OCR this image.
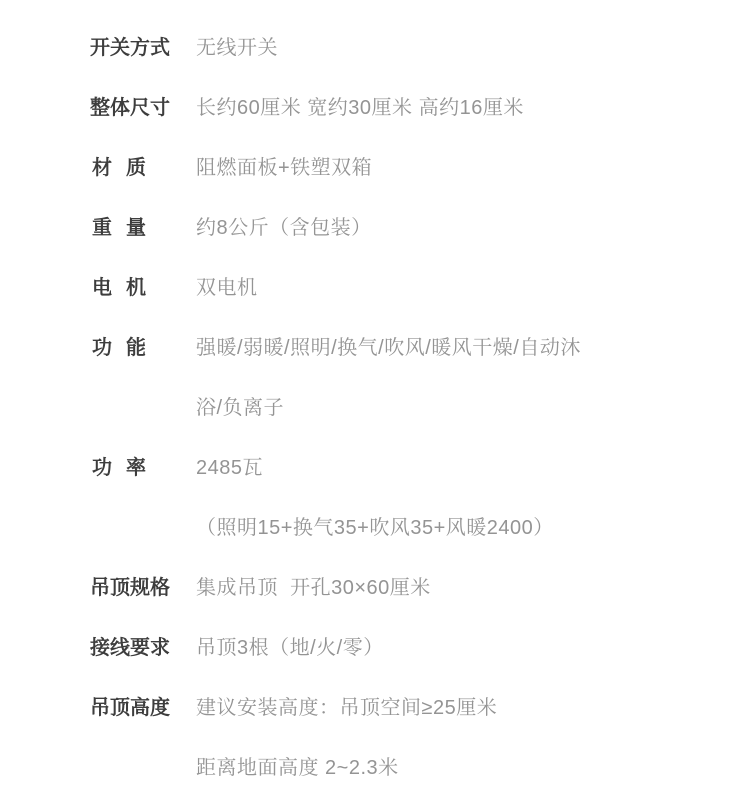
开关方式 无线开关
整体尺寸 长约60厘米 宽约30厘米 高约16厘米
材质 阻燃面板+铁塑双箱
重量 约8公斤（含包装）
电机 双电机
功能 强暖/弱暖/照明/换气/吹风/暖风干燥/自动沐
浴/负离子
功率 2485瓦
（照明15+换气35+吹风35+风暖2400）
吊顶规格 集成吊顶  开孔30×60厘米
接线要求 吊顶3根（地/火/零）
吊顶高度 建议安装高度：吊顶空间≥25厘米
距离地面高度 2~2.3米
